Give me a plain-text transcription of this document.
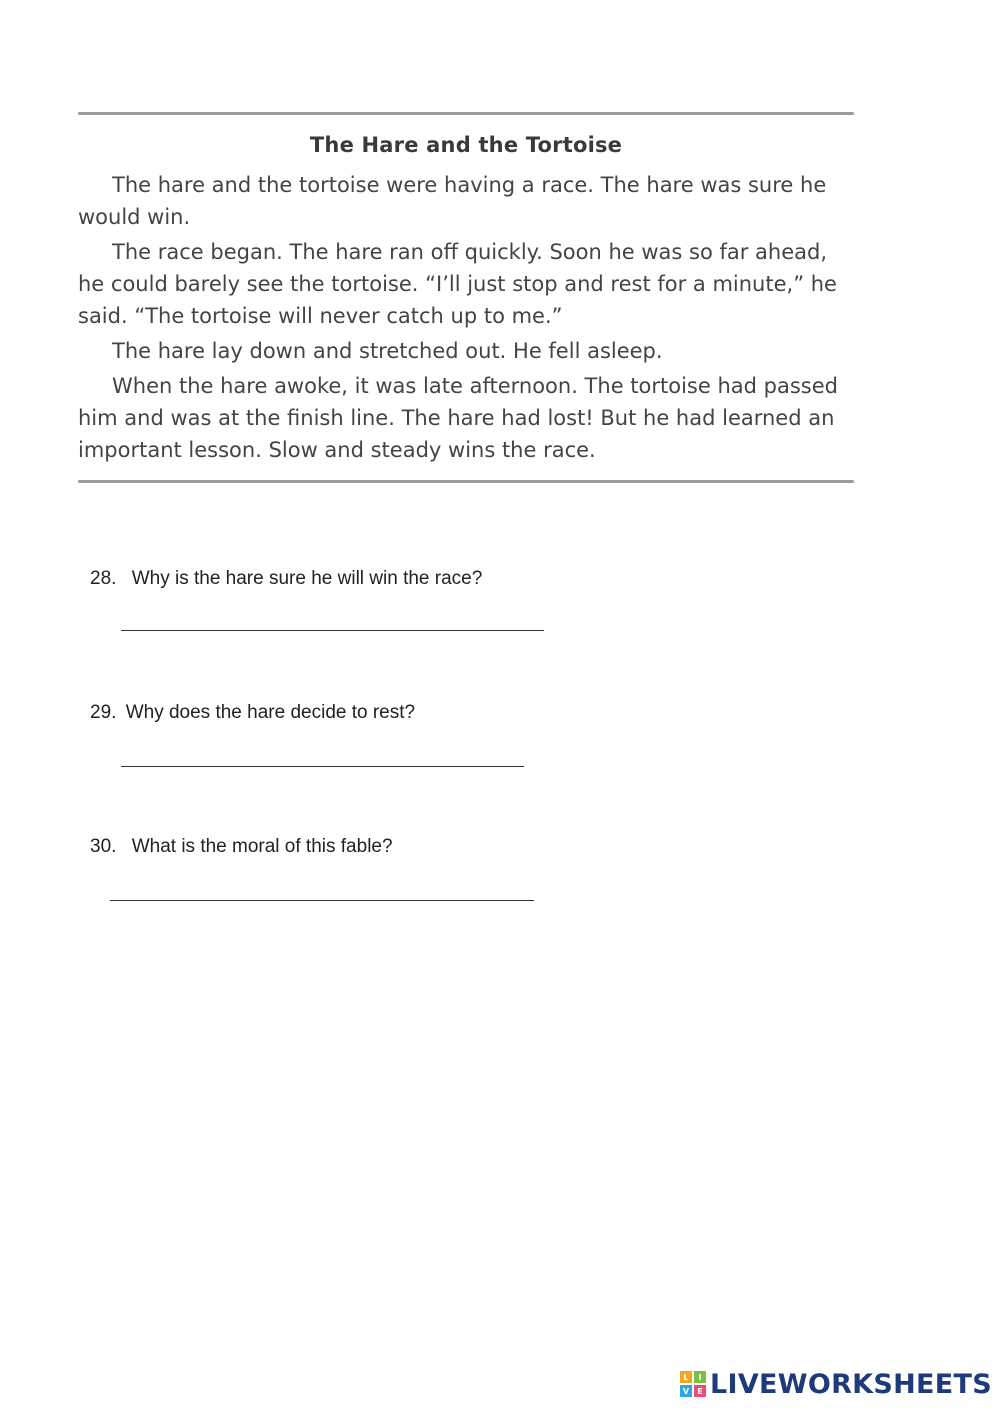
The Hare and the Tortoise

The hare and the tortoise were having a race. The hare was sure he would win.

The race began. The hare ran off quickly. Soon he was so far ahead, he could barely see the tortoise. “I’ll just stop and rest for a minute,” he said. “The tortoise will never catch up to me.”

The hare lay down and stretched out. He fell asleep.

When the hare awoke, it was late afternoon. The tortoise had passed him and was at the finish line. The hare had lost! But he had learned an important lesson. Slow and steady wins the race.

28. Why is the hare sure he will win the race?
29. Why does the hare decide to rest?
30. What is the moral of this fable?
L	I
V	E LIVEWORKSHEETS
